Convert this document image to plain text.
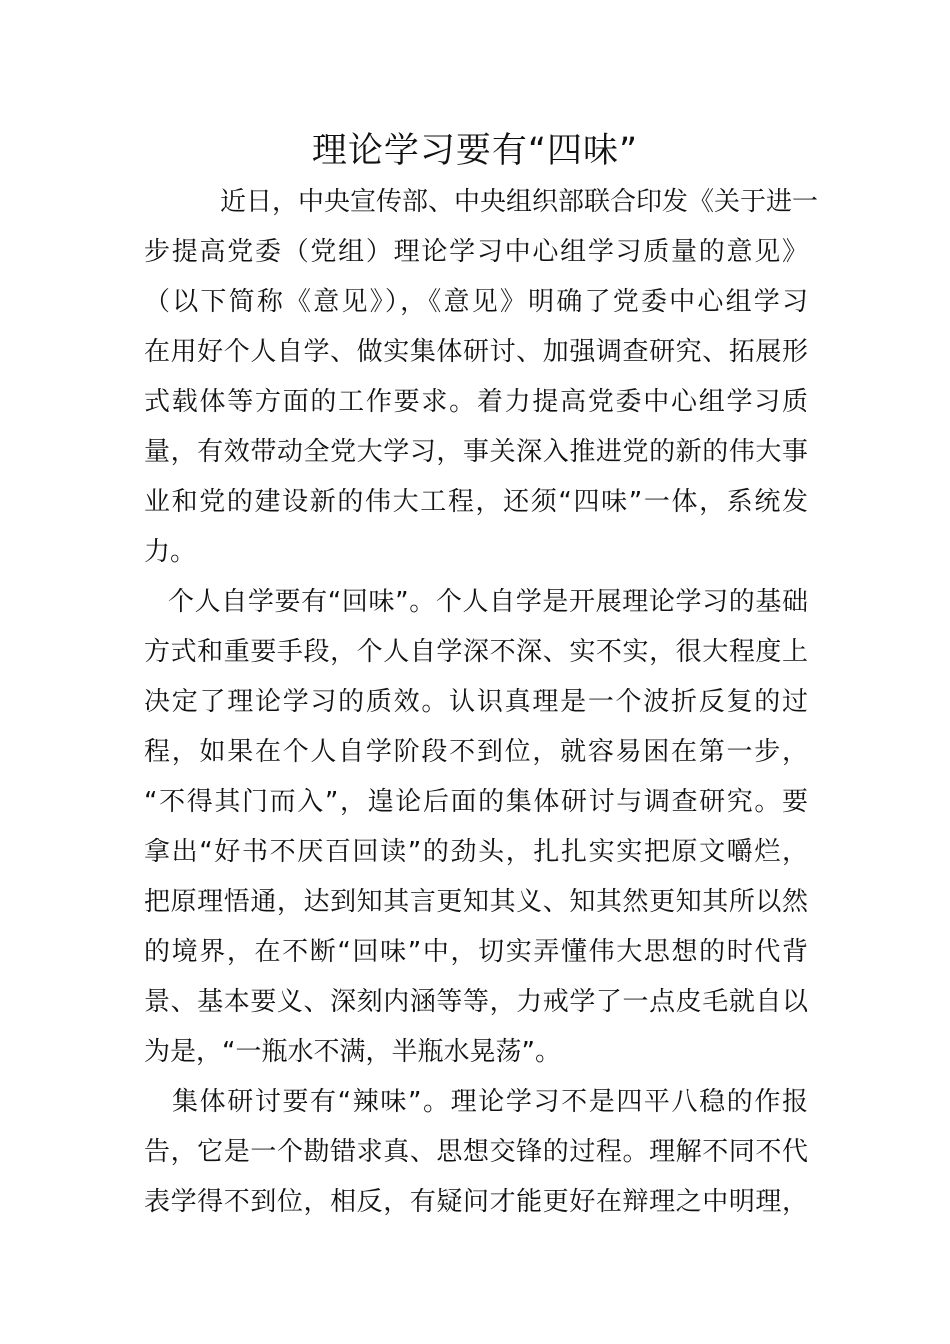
理论学习要有“四味”
近日，中央宣传部、中央组织部联合印发《关于进一
步提高党委（党组）理论学习中心组学习质量的意见》
（以下简称《意见》），《意见》明确了党委中心组学习
在用好个人自学、做实集体研讨、加强调查研究、拓展形
式载体等方面的工作要求。着力提高党委中心组学习质
量，有效带动全党大学习，事关深入推进党的新的伟大事
业和党的建设新的伟大工程，还须“四味”一体，系统发
力。
个人自学要有“回味”。个人自学是开展理论学习的基础
方式和重要手段，个人自学深不深、实不实，很大程度上
决定了理论学习的质效。认识真理是一个波折反复的过
程，如果在个人自学阶段不到位，就容易困在第一步，
“不得其门而入”，遑论后面的集体研讨与调查研究。要
拿出“好书不厌百回读”的劲头，扎扎实实把原文嚼烂，
把原理悟通，达到知其言更知其义、知其然更知其所以然
的境界，在不断“回味”中，切实弄懂伟大思想的时代背
景、基本要义、深刻内涵等等，力戒学了一点皮毛就自以
为是，“一瓶水不满，半瓶水晃荡”。
集体研讨要有“辣味”。理论学习不是四平八稳的作报
告，它是一个勘错求真、思想交锋的过程。理解不同不代
表学得不到位，相反，有疑问才能更好在辩理之中明理，
